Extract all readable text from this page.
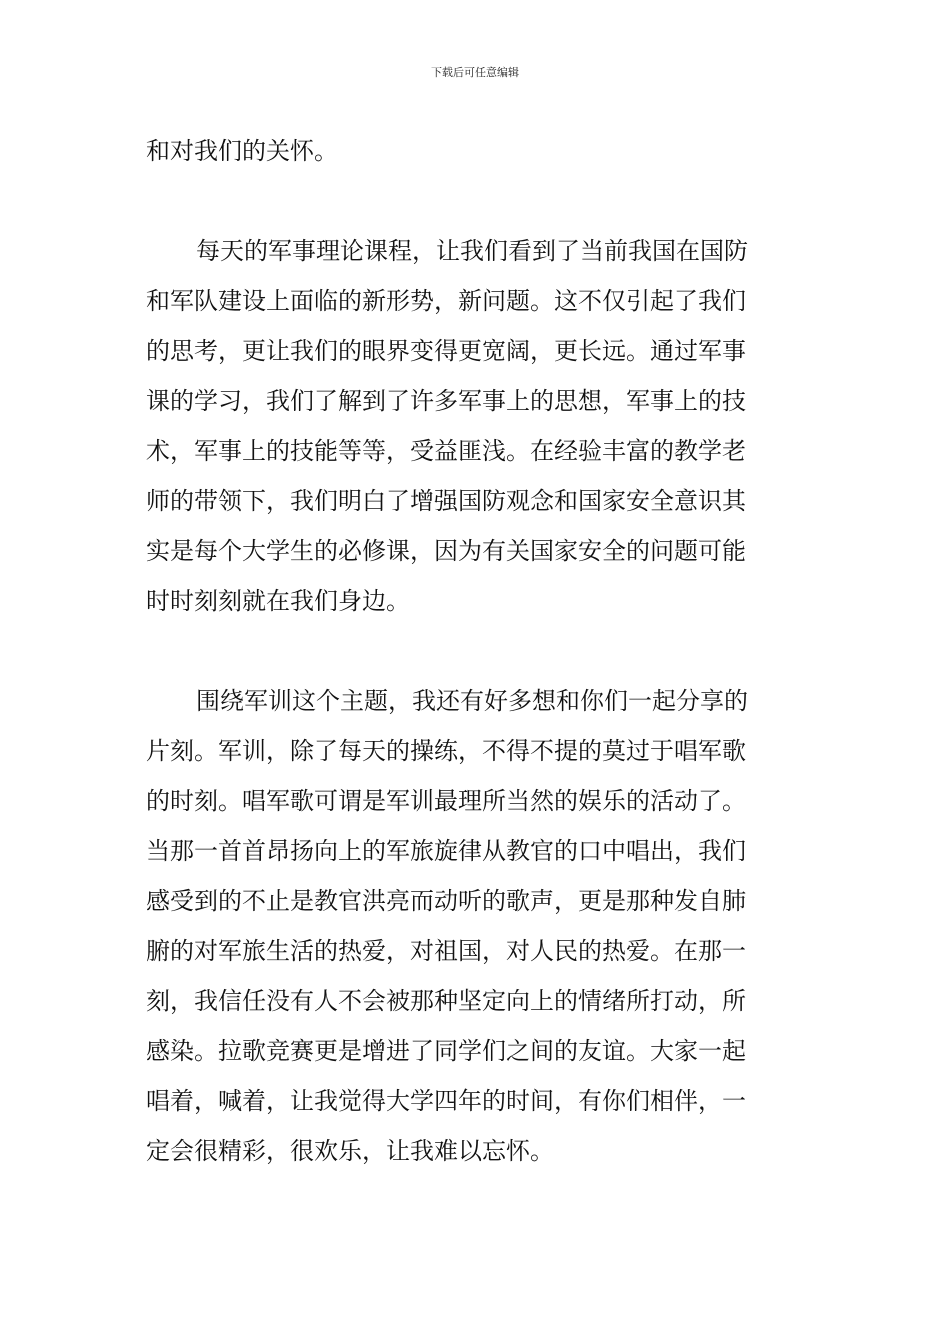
下载后可任意编辑
和对我们的关怀。
每天的军事理论课程，让我们看到了当前我国在国防
和军队建设上面临的新形势，新问题。这不仅引起了我们
的思考，更让我们的眼界变得更宽阔，更长远。通过军事
课的学习，我们了解到了许多军事上的思想，军事上的技
术，军事上的技能等等，受益匪浅。在经验丰富的教学老
师的带领下，我们明白了增强国防观念和国家安全意识其
实是每个大学生的必修课，因为有关国家安全的问题可能
时时刻刻就在我们身边。
围绕军训这个主题，我还有好多想和你们一起分享的
片刻。军训，除了每天的操练，不得不提的莫过于唱军歌
的时刻。唱军歌可谓是军训最理所当然的娱乐的活动了。
当那一首首昂扬向上的军旅旋律从教官的口中唱出，我们
感受到的不止是教官洪亮而动听的歌声，更是那种发自肺
腑的对军旅生活的热爱，对祖国，对人民的热爱。在那一
刻，我信任没有人不会被那种坚定向上的情绪所打动，所
感染。拉歌竞赛更是增进了同学们之间的友谊。大家一起
唱着，喊着，让我觉得大学四年的时间，有你们相伴，一
定会很精彩，很欢乐，让我难以忘怀。
